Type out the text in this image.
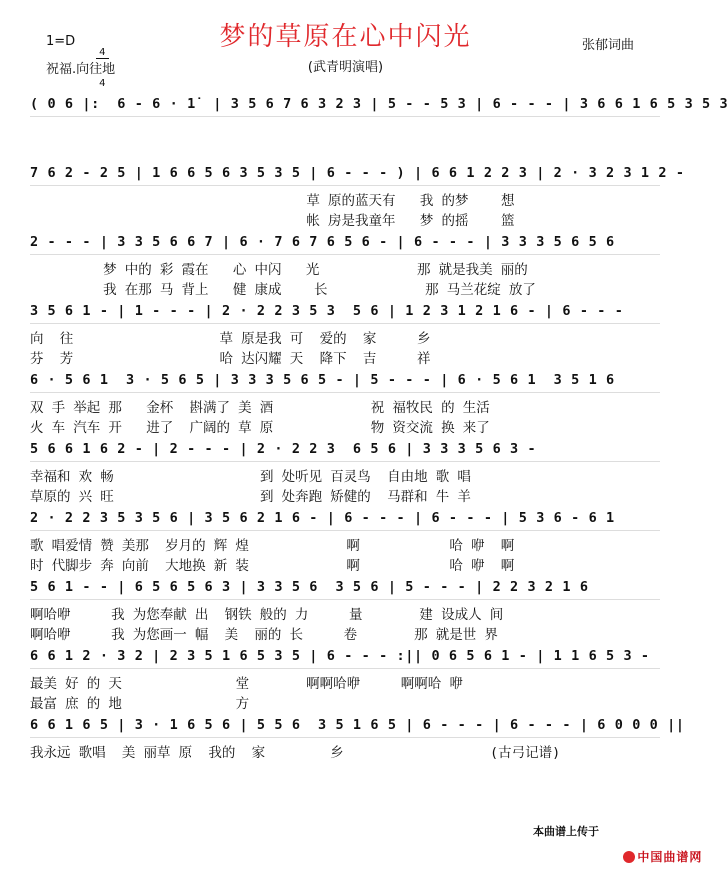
梦的草原在心中闪光
1=D

4

4

祝福.向往地
张郁词曲
(武青明演唱)
( 0 6 |:  6 - 6 · 1̇  | 3 5 6 7 6 3 2 3 | 5 - - 5 3 | 6 - - - | 3 6 6 1 6 5 3 5 3
7 6 2 - 2 5 | 1 6 6 5 6 3 5 3 5 | 6 - - - ) | 6 6 1 2 2 3 | 2 · 3 2 3 1 2 -
草 原的蓝天有   我 的梦    想
帐 房是我童年   梦 的摇    篮
2 - - - | 3 3 5 6 6 7 | 6 · 7 6 7 6 5 6 - | 6 - - - | 3 3 3 5 6 5 6
梦 中的 彩 霞在   心 中闪   光            那 就是我美 丽的
我 在那 马 背上   健 康成    长            那 马兰花绽 放了
3 5 6 1 - | 1 - - - | 2 · 2 2 3 5 3  5 6 | 1 2 3 1 2 1 6 - | 6 - - -
向  往                  草 原是我 可  爱的  家     乡
芬  芳                  哈 达闪耀 天  降下  吉     祥
6 · 5 6 1  3 · 5 6 5 | 3 3 3 5 6 5 - | 5 - - - | 6 · 5 6 1  3 5 1 6
双 手 举起 那   金杯  斟满了 美 酒            祝 福牧民 的 生活
火 车 汽车 开   进了  广阔的 草 原            物 资交流 换 来了
5 6 6 1 6 2 - | 2 - - - | 2 · 2 2 3  6 5 6 | 3 3 3 5 6 3 -
幸福和 欢 畅                  到 处听见 百灵鸟  自由地 歌 唱
草原的 兴 旺                  到 处奔跑 矫健的  马群和 牛 羊
2 · 2 2 3 5 3 5 6 | 3 5 6 2 1 6 - | 6 - - - | 6 - - - | 5 3 6 - 6 1
歌 唱爱情 赞 美那  岁月的 辉 煌            啊           哈 咿  啊
时 代脚步 奔 向前  大地换 新 装            啊           哈 咿  啊
5 6 1 - - | 6 5 6 5 6 3 | 3 3 5 6  3 5 6 | 5 - - - | 2 2 3 2 1 6
啊哈咿     我 为您奉献 出  钢铁 般的 力     量       建 设成人 间
啊哈咿     我 为您画一 幅  美  丽的 长     卷       那 就是世 界
6 6 1 2 · 3 2 | 2 3 5 1 6 5 3 5 | 6 - - - :|| 0 6 5 6 1 - | 1 1 6 5 3 -
最美 好 的 天              堂       啊啊哈咿     啊啊哈 咿
最富 庶 的 地              方
6 6 1 6 5 | 3 · 1 6 5 6 | 5 5 6  3 5 1 6 5 | 6 - - - | 6 - - - | 6 0 0 0 ||
我永远 歌唱  美 丽草 原  我的  家        乡                  (古弓记谱)
本曲谱上传于

中国曲谱网
